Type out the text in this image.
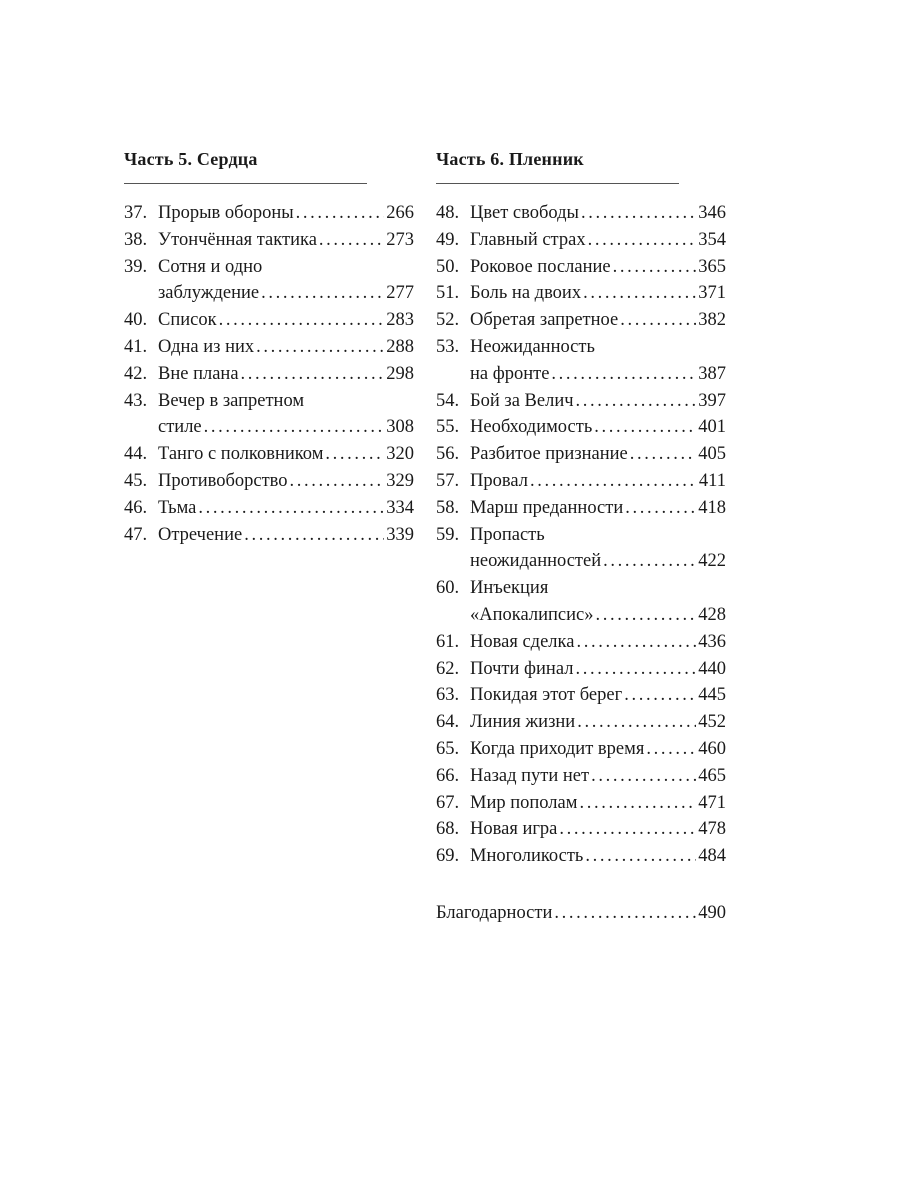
Часть 5. Сердца
37. Прорыв обороны . . .	266
38. Утончённая тактика . . .	273
39. Сотня и одно
заблуждение . . .	277
40. Список . . .	283
41. Одна из них . . .	288
42. Вне плана . . .	298
43. Вечер в запретном
стиле . . .	308
44. Танго с полковником . . .	320
45. Противоборство . . .	329
46. Тьма . . .	334
47. Отречение . . .	339
Часть 6. Пленник
48. Цвет свободы . . .	346
49. Главный страх . . .	354
50. Роковое послание . . .	365
51. Боль на двоих . . .	371
52. Обретая запретное . . .	382
53. Неожиданность
на фронте . . .	387
54. Бой за Велич . . .	397
55. Необходимость . . .	401
56. Разбитое признание . . .	405
57. Провал . . .	411
58. Марш преданности . . .	418
59. Пропасть
неожиданностей . . .	422
60. Инъекция
«Апокалипсис» . . .	428
61. Новая сделка . . .	436
62. Почти финал . . .	440
63. Покидая этот берег . . .	445
64. Линия жизни . . .	452
65. Когда приходит время . . .	460
66. Назад пути нет . . .	465
67. Мир пополам . . .	471
68. Новая игра . . .	478
69. Многоликость . . .	484
Благодарности . . .	490
